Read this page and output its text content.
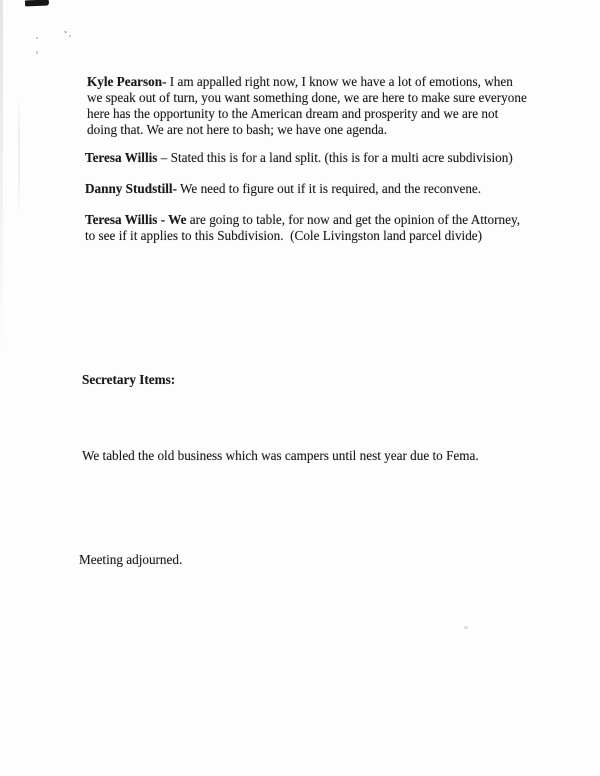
Kyle Pearson- I am appalled right now, I know we have a lot of emotions, when
we speak out of turn, you want something done, we are here to make sure everyone
here has the opportunity to the American dream and prosperity and we are not
doing that. We are not here to bash; we have one agenda.
Teresa Willis – Stated this is for a land split. (this is for a multi acre subdivision)
Danny Studstill- We need to figure out if it is required, and the reconvene.
Teresa Willis - We are going to table, for now and get the opinion of the Attorney,
to see if it applies to this Subdivision.  (Cole Livingston land parcel divide)
Secretary Items:
We tabled the old business which was campers until nest year due to Fema.
Meeting adjourned.
